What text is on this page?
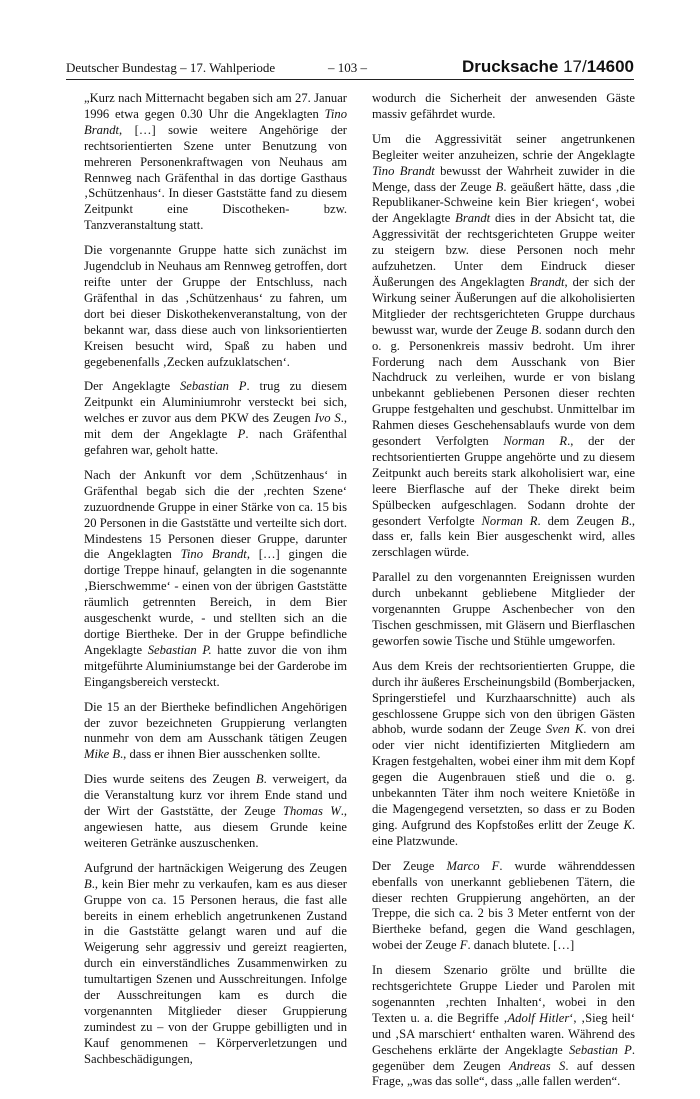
Deutscher Bundestag – 17. Wahlperiode	– 103 –	Drucksache 17/14600

„Kurz nach Mitternacht begaben sich am 27. Januar 1996 etwa gegen 0.30 Uhr die Angeklagten Tino Brandt, […] sowie weitere Angehörige der rechtsorientierten Szene unter Benutzung von mehreren Personenkraftwagen von Neuhaus am Rennweg nach Gräfenthal in das dortige Gasthaus ‚Schützenhaus‘. In dieser Gaststätte fand zu diesem Zeitpunkt eine Discotheken- bzw. Tanzveranstaltung statt.

Die vorgenannte Gruppe hatte sich zunächst im Jugendclub in Neuhaus am Rennweg getroffen, dort reifte unter der Gruppe der Entschluss, nach Gräfenthal in das ‚Schützenhaus‘ zu fahren, um dort bei dieser Diskothekenveranstaltung, von der bekannt war, dass diese auch von linksorientierten Kreisen besucht wird, Spaß zu haben und gegebenenfalls ‚Zecken aufzuklatschen‘.

Der Angeklagte Sebastian P. trug zu diesem Zeitpunkt ein Aluminiumrohr versteckt bei sich, welches er zuvor aus dem PKW des Zeugen Ivo S., mit dem der Angeklagte P. nach Gräfenthal gefahren war, geholt hatte.

Nach der Ankunft vor dem ‚Schützenhaus‘ in Gräfenthal begab sich die der ‚rechten Szene‘ zuzuordnende Gruppe in einer Stärke von ca. 15 bis 20 Personen in die Gaststätte und verteilte sich dort. Mindestens 15 Personen dieser Gruppe, darunter die Angeklagten Tino Brandt, […] gingen die dortige Treppe hinauf, gelangten in die sogenannte ‚Bierschwemme‘ - einen von der übrigen Gaststätte räumlich getrennten Bereich, in dem Bier ausgeschenkt wurde, - und stellten sich an die dortige Biertheke. Der in der Gruppe befindliche Angeklagte Sebastian P. hatte zuvor die von ihm mitgeführte Aluminiumstange bei der Garderobe im Eingangsbereich versteckt.

Die 15 an der Biertheke befindlichen Angehörigen der zuvor bezeichneten Gruppierung verlangten nunmehr von dem am Ausschank tätigen Zeugen Mike B., dass er ihnen Bier ausschenken sollte.

Dies wurde seitens des Zeugen B. verweigert, da die Veranstaltung kurz vor ihrem Ende stand und der Wirt der Gaststätte, der Zeuge Thomas W., angewiesen hatte, aus diesem Grunde keine weiteren Getränke auszuschenken.

Aufgrund der hartnäckigen Weigerung des Zeugen B., kein Bier mehr zu verkaufen, kam es aus dieser Gruppe von ca. 15 Personen heraus, die fast alle bereits in einem erheblich angetrunkenen Zustand in die Gaststätte gelangt waren und auf die Weigerung sehr aggressiv und gereizt reagierten, durch ein einverständliches Zusammenwirken zu tumultartigen Szenen und Ausschreitungen. Infolge der Ausschreitungen kam es durch die vorgenannten Mitglieder dieser Gruppierung zumindest zu – von der Gruppe gebilligten und in Kauf genommenen – Körperverletzungen und Sachbeschädigungen,

wodurch die Sicherheit der anwesenden Gäste massiv gefährdet wurde.

Um die Aggressivität seiner angetrunkenen Begleiter weiter anzuheizen, schrie der Angeklagte Tino Brandt bewusst der Wahrheit zuwider in die Menge, dass der Zeuge B. geäußert hätte, dass ‚die Republikaner-Schweine kein Bier kriegen‘, wobei der Angeklagte Brandt dies in der Absicht tat, die Aggressivität der rechtsgerichteten Gruppe weiter zu steigern bzw. diese Personen noch mehr aufzuhetzen. Unter dem Eindruck dieser Äußerungen des Angeklagten Brandt, der sich der Wirkung seiner Äußerungen auf die alkoholisierten Mitglieder der rechtsgerichteten Gruppe durchaus bewusst war, wurde der Zeuge B. sodann durch den o. g. Personenkreis massiv bedroht. Um ihrer Forderung nach dem Ausschank von Bier Nachdruck zu verleihen, wurde er von bislang unbekannt gebliebenen Personen dieser rechten Gruppe festgehalten und geschubst. Unmittelbar im Rahmen dieses Geschehensablaufs wurde von dem gesondert Verfolgten Norman R., der der rechtsorientierten Gruppe angehörte und zu diesem Zeitpunkt auch bereits stark alkoholisiert war, eine leere Bierflasche auf der Theke direkt beim Spülbecken aufgeschlagen. Sodann drohte der gesondert Verfolgte Norman R. dem Zeugen B., dass er, falls kein Bier ausgeschenkt wird, alles zerschlagen würde.

Parallel zu den vorgenannten Ereignissen wurden durch unbekannt gebliebene Mitglieder der vorgenannten Gruppe Aschenbecher von den Tischen geschmissen, mit Gläsern und Bierflaschen geworfen sowie Tische und Stühle umgeworfen.

Aus dem Kreis der rechtsorientierten Gruppe, die durch ihr äußeres Erscheinungsbild (Bomberjacken, Springerstiefel und Kurzhaarschnitte) auch als geschlossene Gruppe sich von den übrigen Gästen abhob, wurde sodann der Zeuge Sven K. von drei oder vier nicht identifizierten Mitgliedern am Kragen festgehalten, wobei einer ihm mit dem Kopf gegen die Augenbrauen stieß und die o. g. unbekannten Täter ihm noch weitere Knietöße in die Magengegend versetzten, so dass er zu Boden ging. Aufgrund des Kopfstoßes erlitt der Zeuge K. eine Platzwunde.

Der Zeuge Marco F. wurde währenddessen ebenfalls von unerkannt gebliebenen Tätern, die dieser rechten Gruppierung angehörten, an der Treppe, die sich ca. 2 bis 3 Meter entfernt von der Biertheke befand, gegen die Wand geschlagen, wobei der Zeuge F. danach blutete. […]

In diesem Szenario grölte und brüllte die rechtsgerichtete Gruppe Lieder und Parolen mit sogenannten ‚rechten Inhalten‘, wobei in den Texten u. a. die Begriffe ‚Adolf Hitler‘, ‚Sieg heil‘ und ‚SA marschiert‘ enthalten waren. Während des Geschehens erklärte der Angeklagte Sebastian P. gegenüber dem Zeugen Andreas S. auf dessen Frage, „was das solle“, dass „alle fallen werden“.
